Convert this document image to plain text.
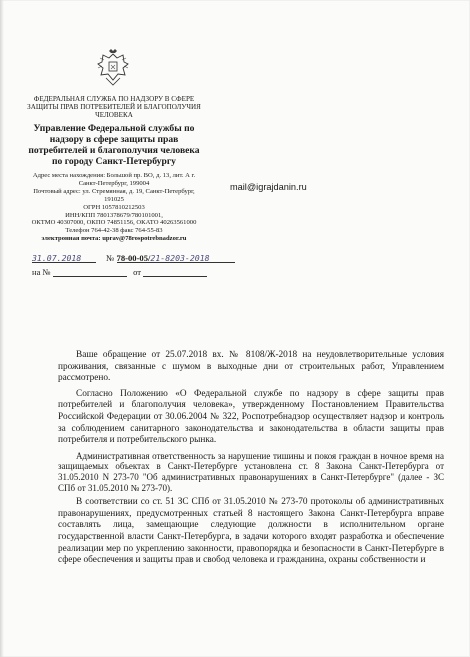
ФЕДЕРАЛЬНАЯ СЛУЖБА ПО НАДЗОРУ В СФЕРЕ ЗАЩИТЫ ПРАВ ПОТРЕБИТЕЛЕЙ И БЛАГОПОЛУЧИЯ ЧЕЛОВЕКА
Управление Федеральной службы по надзору в сфере защиты прав потребителей и благополучия человека по городу Санкт-Петербургу
Адрес места нахождения: Большой пр. ВО, д. 13, лит. А г. Санкт-Петербург, 199004
Почтовый адрес: ул. Стремянная, д. 19, Санкт-Петербург, 191025
ОГРН 1057810212503
ИНН/КПП 7801378679/780101001,
ОКТМО 40307000, ОКПО 74851156, ОКАТО 40263561000
Телефон 764-42-38 факс 764-55-83
электронная почта: uprav@78rospotrebnadzor.ru
mail@igrajdanin.ru
31.07.2018	№ 78-00-05/21-8203-2018
на №	от

Ваше обращение от 25.07.2018 вх. № 8108/Ж-2018 на неудовлетворительные условия проживания, связанные с шумом в выходные дни от строительных работ, Управлением рассмотрено.

Согласно Положению «О Федеральной службе по надзору в сфере защиты прав потребителей и благополучия человека», утвержденному Постановлением Правительства Российской Федерации от 30.06.2004 № 322, Роспотребнадзор осуществляет надзор и контроль за соблюдением санитарного законодательства и законодательства в области защиты прав потребителя и потребительского рынка.

Административная ответственность за нарушение тишины и покоя граждан в ночное время на защищаемых объектах в Санкт-Петербурге установлена ст. 8 Закона Санкт-Петербурга от 31.05.2010 N 273-70 "Об административных правонарушениях в Санкт-Петербурге" (далее - ЗС СПб от 31.05.2010 № 273-70).

В соответствии со ст. 51 ЗС СПб от 31.05.2010 № 273-70 протоколы об административных правонарушениях, предусмотренных статьей 8 настоящего Закона Санкт-Петербурга вправе составлять лица, замещающие следующие должности в исполнительном органе государственной власти Санкт-Петербурга, в задачи которого входят разработка и обеспечение реализации мер по укреплению законности, правопорядка и безопасности в Санкт-Петербурге в сфере обеспечения и защиты прав и свобод человека и гражданина, охраны собственности и
